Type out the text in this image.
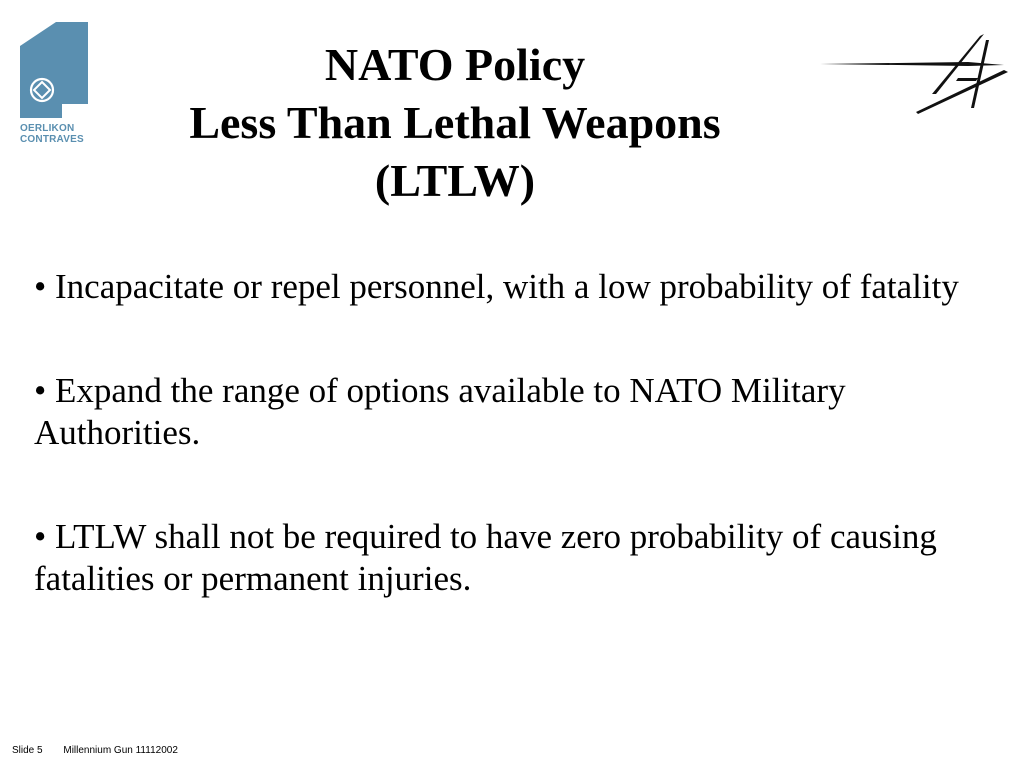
OERLIKON
CONTRAVES
NATO Policy
Less Than Lethal Weapons
(LTLW)

• Incapacitate or repel personnel, with a low probability of fatality

• Expand the range of options available to NATO Military Authorities.

• LTLW shall not be required to have zero probability of causing fatalities or permanent injuries.

Slide 5 Millennium Gun 11112002
